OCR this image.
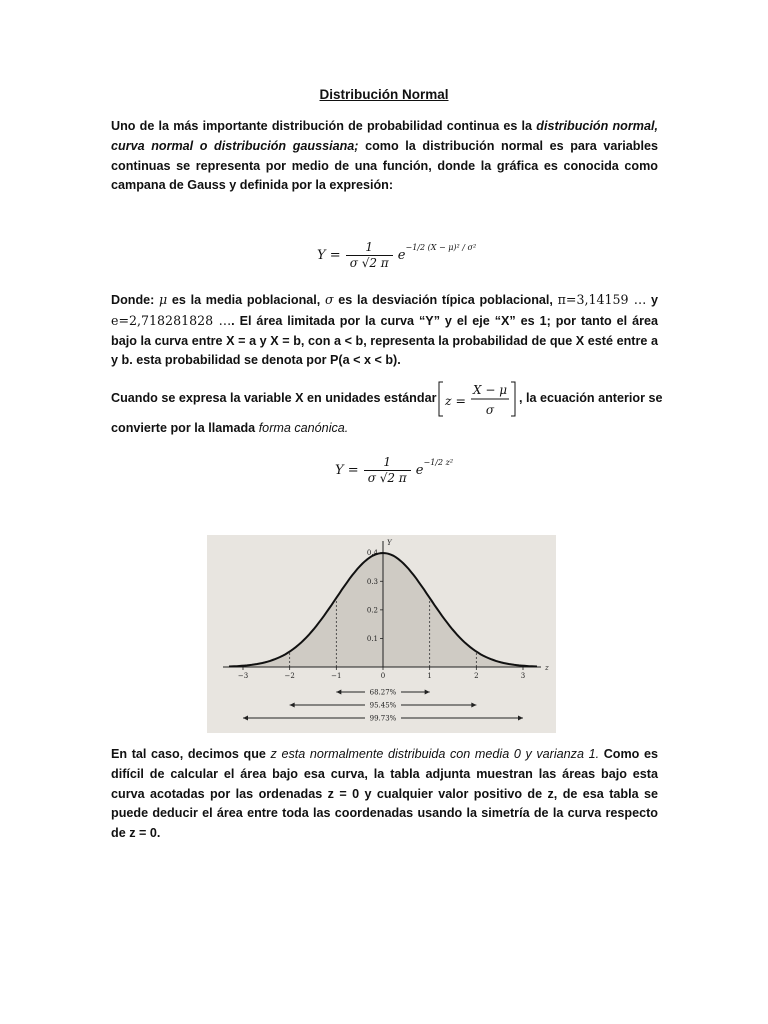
Distribución Normal
Uno de la más importante distribución de probabilidad continua es la distribución normal, curva normal o distribución gaussiana; como la distribución normal es para variables continuas se representa por medio de una función, donde la gráfica es conocida como campana de Gauss y definida por la expresión:
$Y = \frac{1}{\sigma √2 \pi} e^{-1/2 (X - \mu)^2 / \sigma^2}$
Donde: μ es la media poblacional, σ es la desviación típica poblacional, π=3,14159 … y e=2,718281828 …. El área limitada por la curva “Y” y el eje “X” es 1; por tanto el área bajo la curva entre X = a y X = b, con a < b, representa la probabilidad de que X esté entre a y b. esta probabilidad se denota por P(a < x < b).
Cuando se expresa la variable X en unidades estándar z =
X − μ
σ
, la ecuación anterior se
convierte por la llamada forma canónica.
$Y = \frac{1}{\sigma √2 \pi} e^{-1/2 z^2}$
0.4
0.3
0.2
0.1
−3	−2	−1	0	1	2	3
Y
z
68.27%
95.45%
99.73%
En tal caso, decimos que z esta normalmente distribuida con media 0 y varianza 1. Como es difícil de calcular el área bajo esa curva, la tabla adjunta muestran las áreas bajo esta curva acotadas por las ordenadas z = 0 y cualquier valor positivo de z, de esa tabla se puede deducir el área entre toda las coordenadas usando la simetría de la curva respecto de z = 0.
